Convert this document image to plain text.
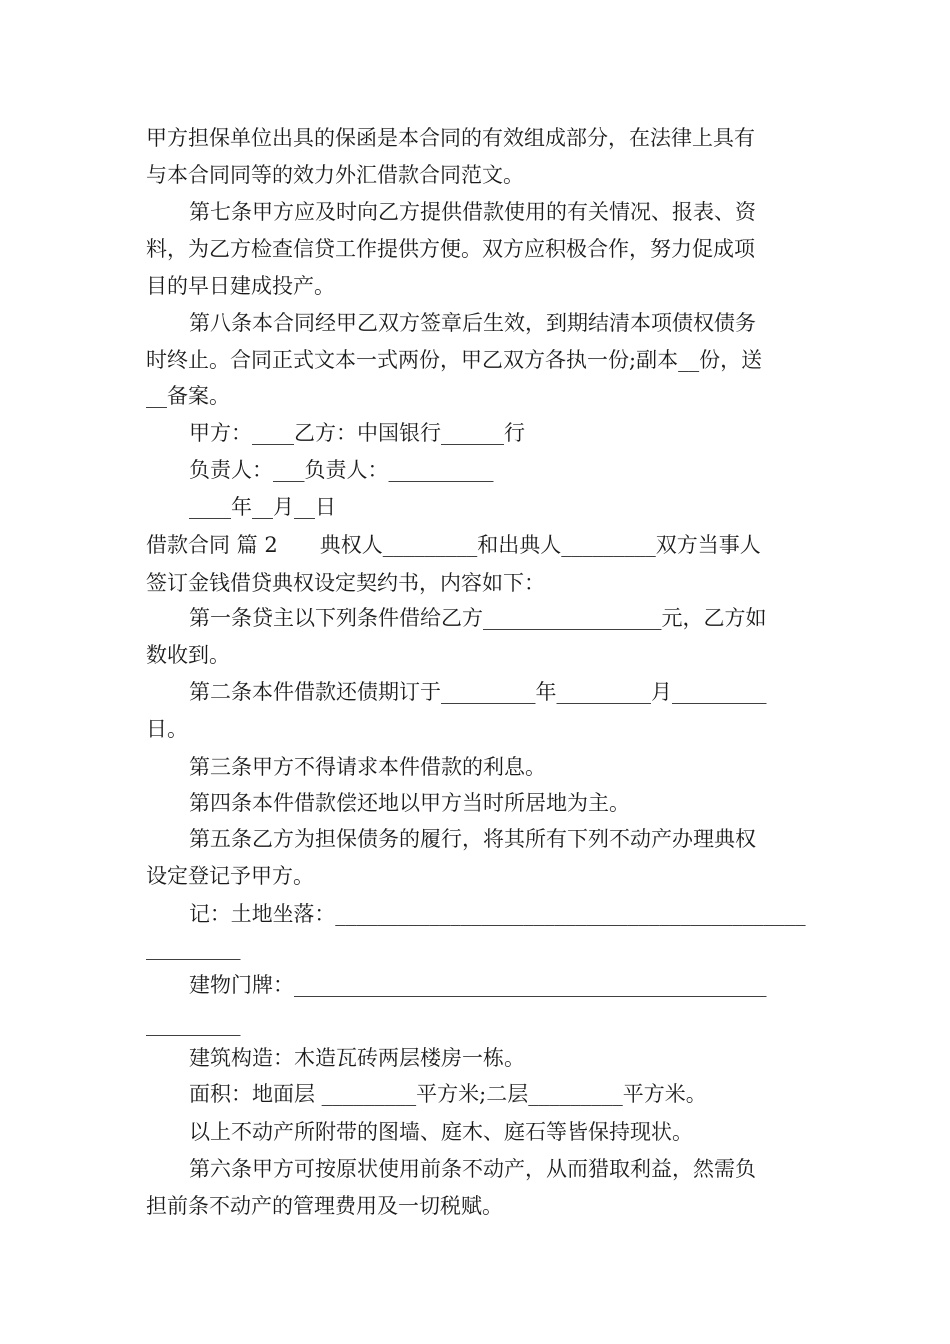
甲方担保单位出具的保函是本合同的有效组成部分，在法律上具有
与本合同同等的效力外汇借款合同范文。
第七条甲方应及时向乙方提供借款使用的有关情况、报表、资
料，为乙方检查信贷工作提供方便。双方应积极合作，努力促成项
目的早日建成投产。
第八条本合同经甲乙双方签章后生效，到期结清本项债权债务
时终止。合同正式文本一式两份，甲乙双方各执一份;副本__份，送
__备案。
甲方：____乙方：中国银行______行
负责人：___负责人：__________
____年__月__日
借款合同 篇 2　　典权人_________和出典人_________双方当事人
签订金钱借贷典权设定契约书，内容如下：
第一条贷主以下列条件借给乙方_________________元，乙方如
数收到。
第二条本件借款还债期订于_________年_________月_________
日。
第三条甲方不得请求本件借款的利息。
第四条本件借款偿还地以甲方当时所居地为主。
第五条乙方为担保债务的履行，将其所有下列不动产办理典权
设定登记予甲方。
记：土地坐落：_____________________________________________
_________
建物门牌：_____________________________________________
_________
建筑构造：木造瓦砖两层楼房一栋。
面积：地面层 _________平方米;二层_________平方米。
以上不动产所附带的图墙、庭木、庭石等皆保持现状。
第六条甲方可按原状使用前条不动产，从而猎取利益，然需负
担前条不动产的管理费用及一切税赋。
